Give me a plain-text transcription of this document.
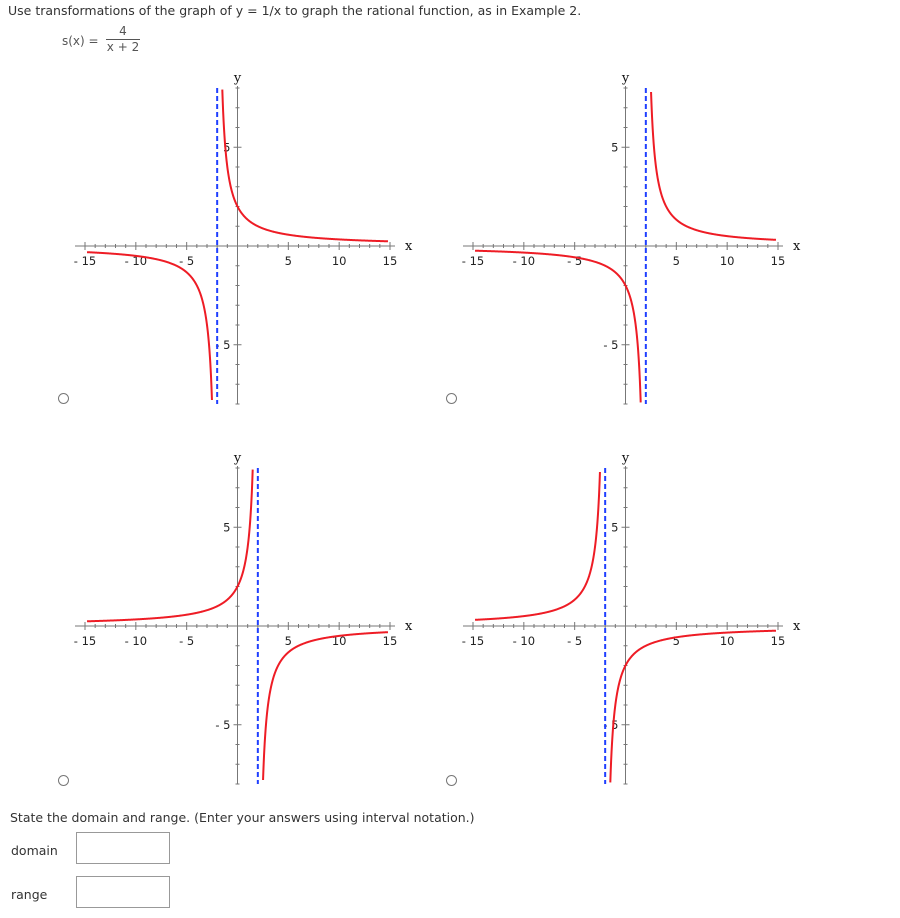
Use transformations of the graph of y = 1/x to graph the rational function, as in Example 2.
s(x) =
4
x + 2
- 15 - 10	- 5	5	10	15
5
- 5
x
y
- 15 - 10	- 5	5	10	15
5
- 5
x
y
- 15 - 10	- 5	5	10	15
5
- 5
x
y
- 15 - 10	- 5	5	10	15
5
- 5
x
y
State the domain and range. (Enter your answers using interval notation.)
domain
range
